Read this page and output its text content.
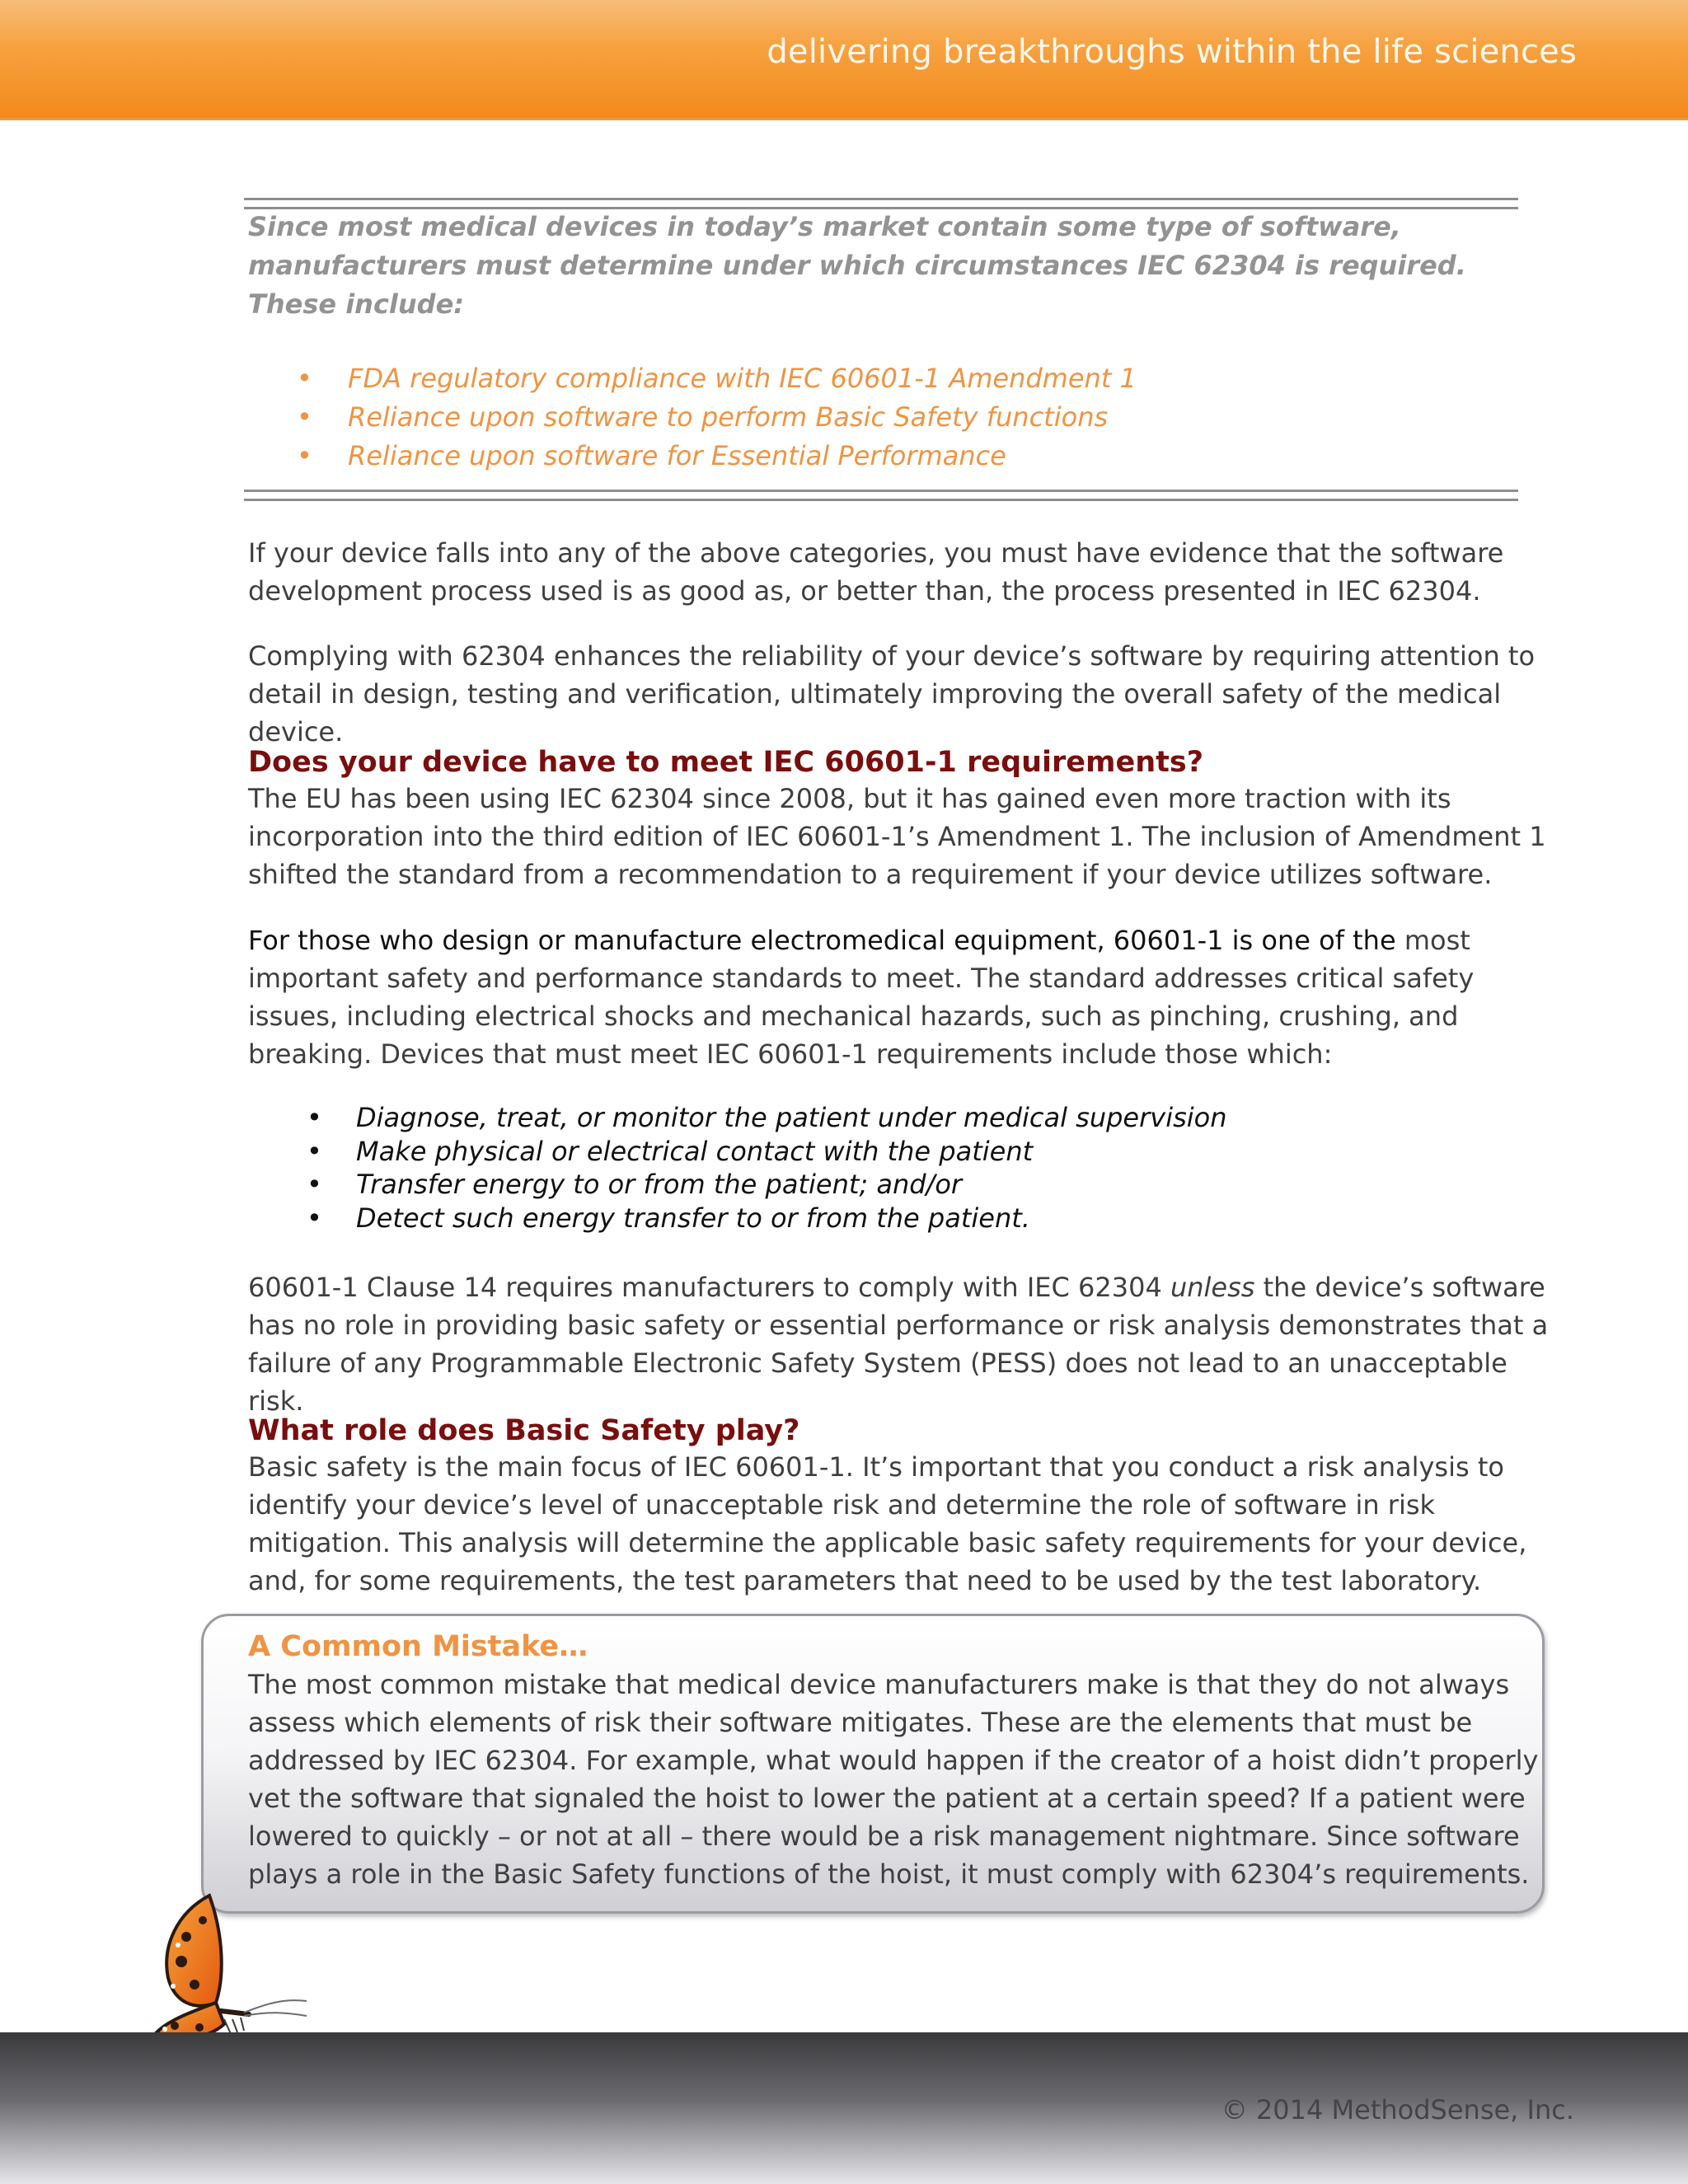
delivering breakthroughs within the life sciences
Since most medical devices in today’s market contain some type of software,
manufacturers must determine under which circumstances IEC 62304 is required.
These include:
• FDA regulatory compliance with IEC 60601-1 Amendment 1
• Reliance upon software to perform Basic Safety functions
• Reliance upon software for Essential Performance
If your device falls into any of the above categories, you must have evidence that the software development process used is as good as, or better than, the process presented in IEC 62304.
Complying with 62304 enhances the reliability of your device’s software by requiring attention to detail in design, testing and verification, ultimately improving the overall safety of the medical device.
Does your device have to meet IEC 60601-1 requirements?
The EU has been using IEC 62304 since 2008, but it has gained even more traction with its incorporation into the third edition of IEC 60601-1’s Amendment 1. The inclusion of Amendment 1 shifted the standard from a recommendation to a requirement if your device utilizes software.
For those who design or manufacture electromedical equipment, 60601-1 is one of the most important safety and performance standards to meet. The standard addresses critical safety issues, including electrical shocks and mechanical hazards, such as pinching, crushing, and breaking. Devices that must meet IEC 60601-1 requirements include those which:
• Diagnose, treat, or monitor the patient under medical supervision
• Make physical or electrical contact with the patient
• Transfer energy to or from the patient; and/or
• Detect such energy transfer to or from the patient.
60601-1 Clause 14 requires manufacturers to comply with IEC 62304 unless the device’s software has no role in providing basic safety or essential performance or risk analysis demonstrates that a failure of any Programmable Electronic Safety System (PESS) does not lead to an unacceptable risk.
What role does Basic Safety play?
Basic safety is the main focus of IEC 60601-1. It’s important that you conduct a risk analysis to identify your device’s level of unacceptable risk and determine the role of software in risk mitigation. This analysis will determine the applicable basic safety requirements for your device, and, for some requirements, the test parameters that need to be used by the test laboratory.
A Common Mistake…
The most common mistake that medical device manufacturers make is that they do not always assess which elements of risk their software mitigates. These are the elements that must be addressed by IEC 62304. For example, what would happen if the creator of a hoist didn’t properly vet the software that signaled the hoist to lower the patient at a certain speed? If a patient were lowered to quickly – or not at all – there would be a risk management nightmare. Since software plays a role in the Basic Safety functions of the hoist, it must comply with 62304’s requirements.
© 2014 MethodSense, Inc.
